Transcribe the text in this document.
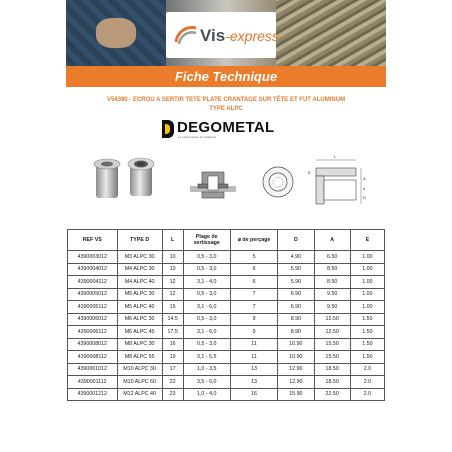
Vis-express
Fiche Technique
V54390 - ECROU A SERTIR TETE PLATE CRANTAGE SUR TÊTE ET FUT ALUMINUM
TYPE ALPC
DEGOMETAL
La performance au Fixations
L
E
A
d
D
REF VS	TYPE D	L	Plage de sertissage	⌀ de perçage	D	A	E
4390003012	M3 ALPC 30	10	0,5 - 3,0	5	4.90	6.50	1.00
4390004012	M4 ALPC 30	10	0,5 - 3,0	6	5.90	8.50	1.00
4390004112	M4 ALPC 40	12	3,1 - 4,0	6	5.90	8.50	1.00
4390005012	M5 ALPC 30	12	0,5 - 3,0	7	6.90	9.50	1.00
4390005112	M5 ALPC 40	15	3,1 - 6,0	7	6.90	9.50	1.00
4390006012	M6 ALPC 30	14.5	0,5 - 3,0	9	8.90	12.50	1.50
4390006112	M6 ALPC 45	17.5	3,1 - 6,0	9	8.90	12.50	1.50
4390008012	M8 ALPC 30	16	0,5 - 3,0	11	10.90	15.50	1.50
4390008112	M8 ALPC 55	19	3,1 - 5,5	11	10.90	15.50	1.50
4390001012	M10 ALPC 30	17	1,0 - 3,5	13	12.90	18.50	2.0
4390001112	M10 ALPC 60	22	3,5 - 6,0	13	12.90	18.50	2.0
4390001212	M12 ALPC 40	23	1,0 - 4,0	16	15.90	22.50	2.0
